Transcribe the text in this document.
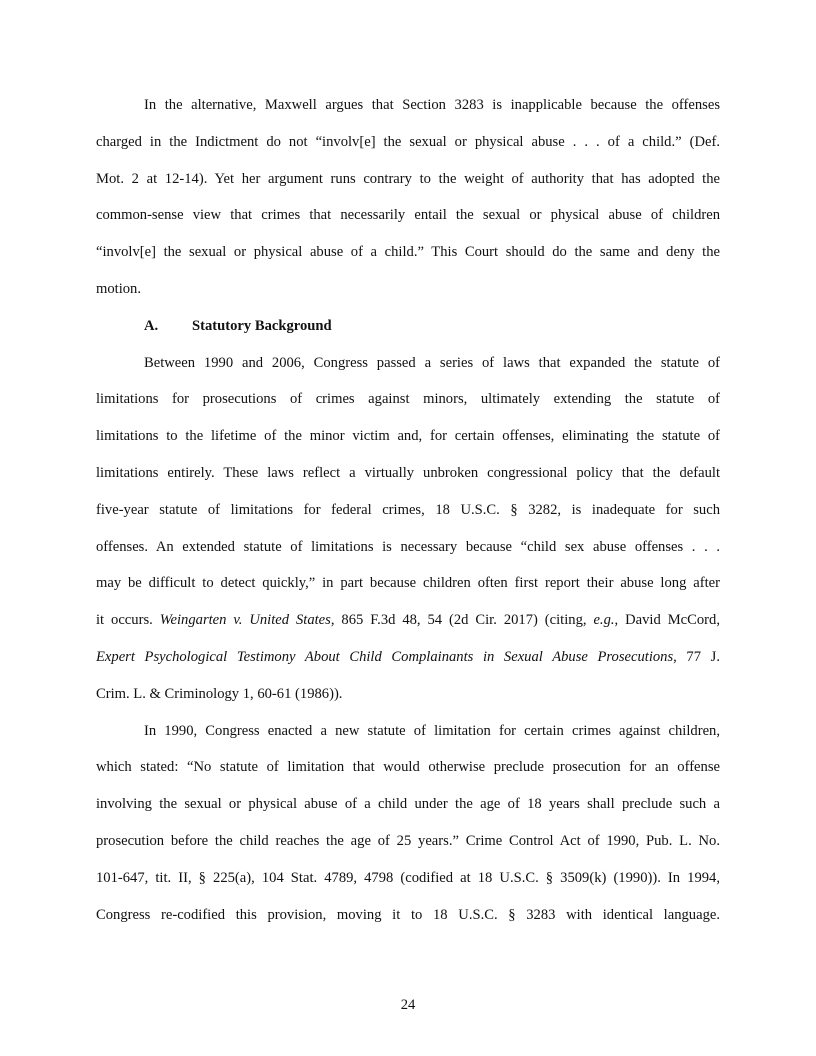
In the alternative, Maxwell argues that Section 3283 is inapplicable because the offenses
charged in the Indictment do not “involv[e] the sexual or physical abuse . . . of a child.” (Def.
Mot. 2 at 12-14). Yet her argument runs contrary to the weight of authority that has adopted the
common-sense view that crimes that necessarily entail the sexual or physical abuse of children
“involv[e] the sexual or physical abuse of a child.” This Court should do the same and deny the
motion.
A. Statutory Background
Between 1990 and 2006, Congress passed a series of laws that expanded the statute of
limitations for prosecutions of crimes against minors, ultimately extending the statute of
limitations to the lifetime of the minor victim and, for certain offenses, eliminating the statute of
limitations entirely. These laws reflect a virtually unbroken congressional policy that the default
five-year statute of limitations for federal crimes, 18 U.S.C. § 3282, is inadequate for such
offenses. An extended statute of limitations is necessary because “child sex abuse offenses . . .
may be difficult to detect quickly,” in part because children often first report their abuse long after
it occurs. Weingarten v. United States, 865 F.3d 48, 54 (2d Cir. 2017) (citing, e.g., David McCord,
Expert Psychological Testimony About Child Complainants in Sexual Abuse Prosecutions, 77 J.
Crim. L. & Criminology 1, 60-61 (1986)).
In 1990, Congress enacted a new statute of limitation for certain crimes against children,
which stated: “No statute of limitation that would otherwise preclude prosecution for an offense
involving the sexual or physical abuse of a child under the age of 18 years shall preclude such a
prosecution before the child reaches the age of 25 years.” Crime Control Act of 1990, Pub. L. No.
101-647, tit. II, § 225(a), 104 Stat. 4789, 4798 (codified at 18 U.S.C. § 3509(k) (1990)). In 1994,
Congress re-codified this provision, moving it to 18 U.S.C. § 3283 with identical language.
24
